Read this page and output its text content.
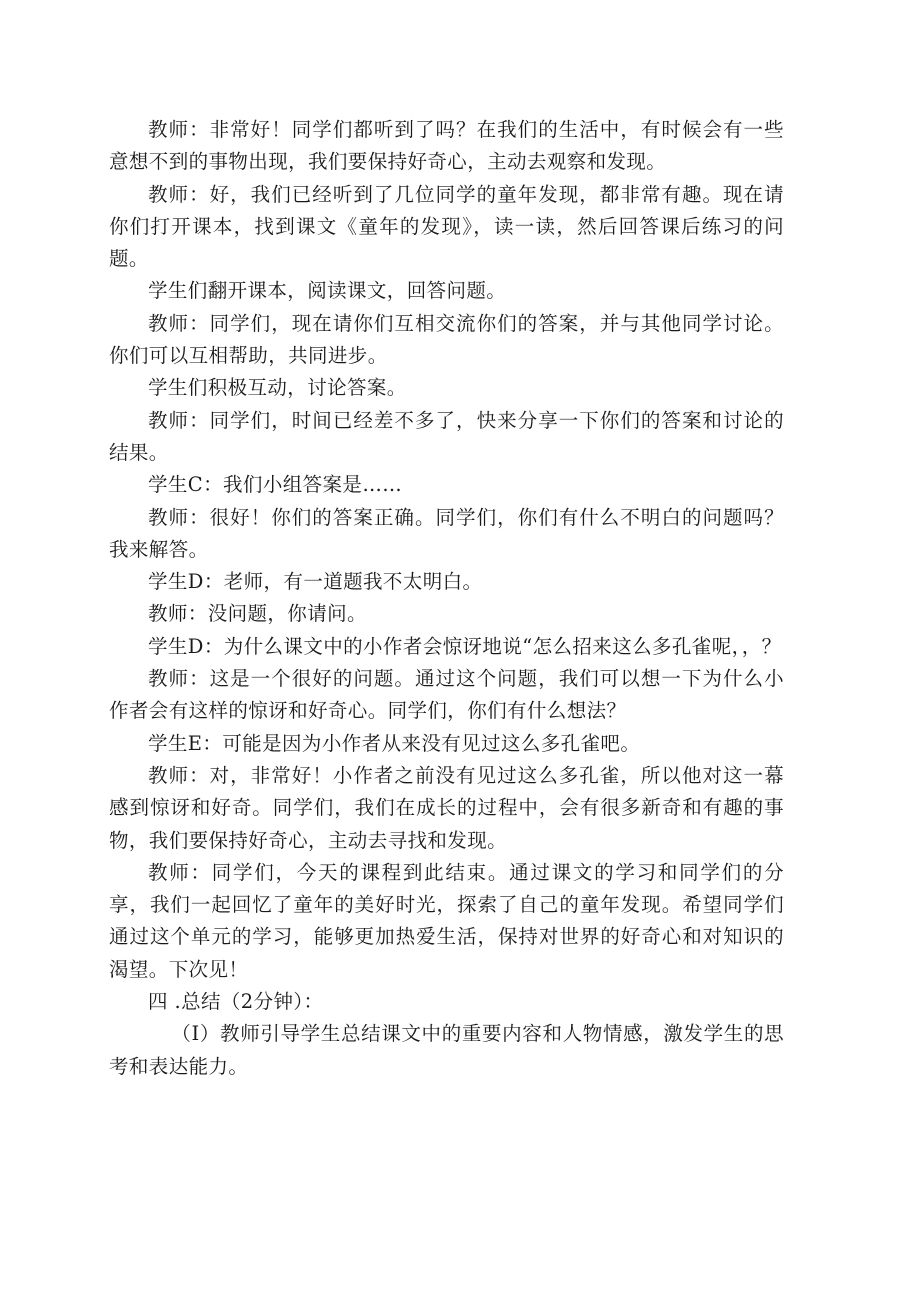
教师：非常好！同学们都听到了吗？在我们的生活中，有时候会有一些意想不到的事物出现，我们要保持好奇心，主动去观察和发现。

教师：好，我们已经听到了几位同学的童年发现，都非常有趣。现在请你们打开课本，找到课文《童年的发现》，读一读，然后回答课后练习的问题。

学生们翻开课本，阅读课文，回答问题。

教师：同学们，现在请你们互相交流你们的答案，并与其他同学讨论。你们可以互相帮助，共同进步。

学生们积极互动，讨论答案。

教师：同学们，时间已经差不多了，快来分享一下你们的答案和讨论的结果。

学生C：我们小组答案是……

教师：很好！你们的答案正确。同学们，你们有什么不明白的问题吗？我来解答。

学生D：老师，有一道题我不太明白。

教师：没问题，你请问。

学生D：为什么课文中的小作者会惊讶地说“怎么招来这么多孔雀呢，，？

教师：这是一个很好的问题。通过这个问题，我们可以想一下为什么小作者会有这样的惊讶和好奇心。同学们，你们有什么想法？

学生E：可能是因为小作者从来没有见过这么多孔雀吧。

教师：对，非常好！小作者之前没有见过这么多孔雀，所以他对这一幕感到惊讶和好奇。同学们，我们在成长的过程中，会有很多新奇和有趣的事物，我们要保持好奇心，主动去寻找和发现。

教师：同学们，今天的课程到此结束。通过课文的学习和同学们的分享，我们一起回忆了童年的美好时光，探索了自己的童年发现。希望同学们通过这个单元的学习，能够更加热爱生活，保持对世界的好奇心和对知识的渴望。下次见！

四 .总结（2分钟）：

（I）教师引导学生总结课文中的重要内容和人物情感，激发学生的思考和表达能力。
